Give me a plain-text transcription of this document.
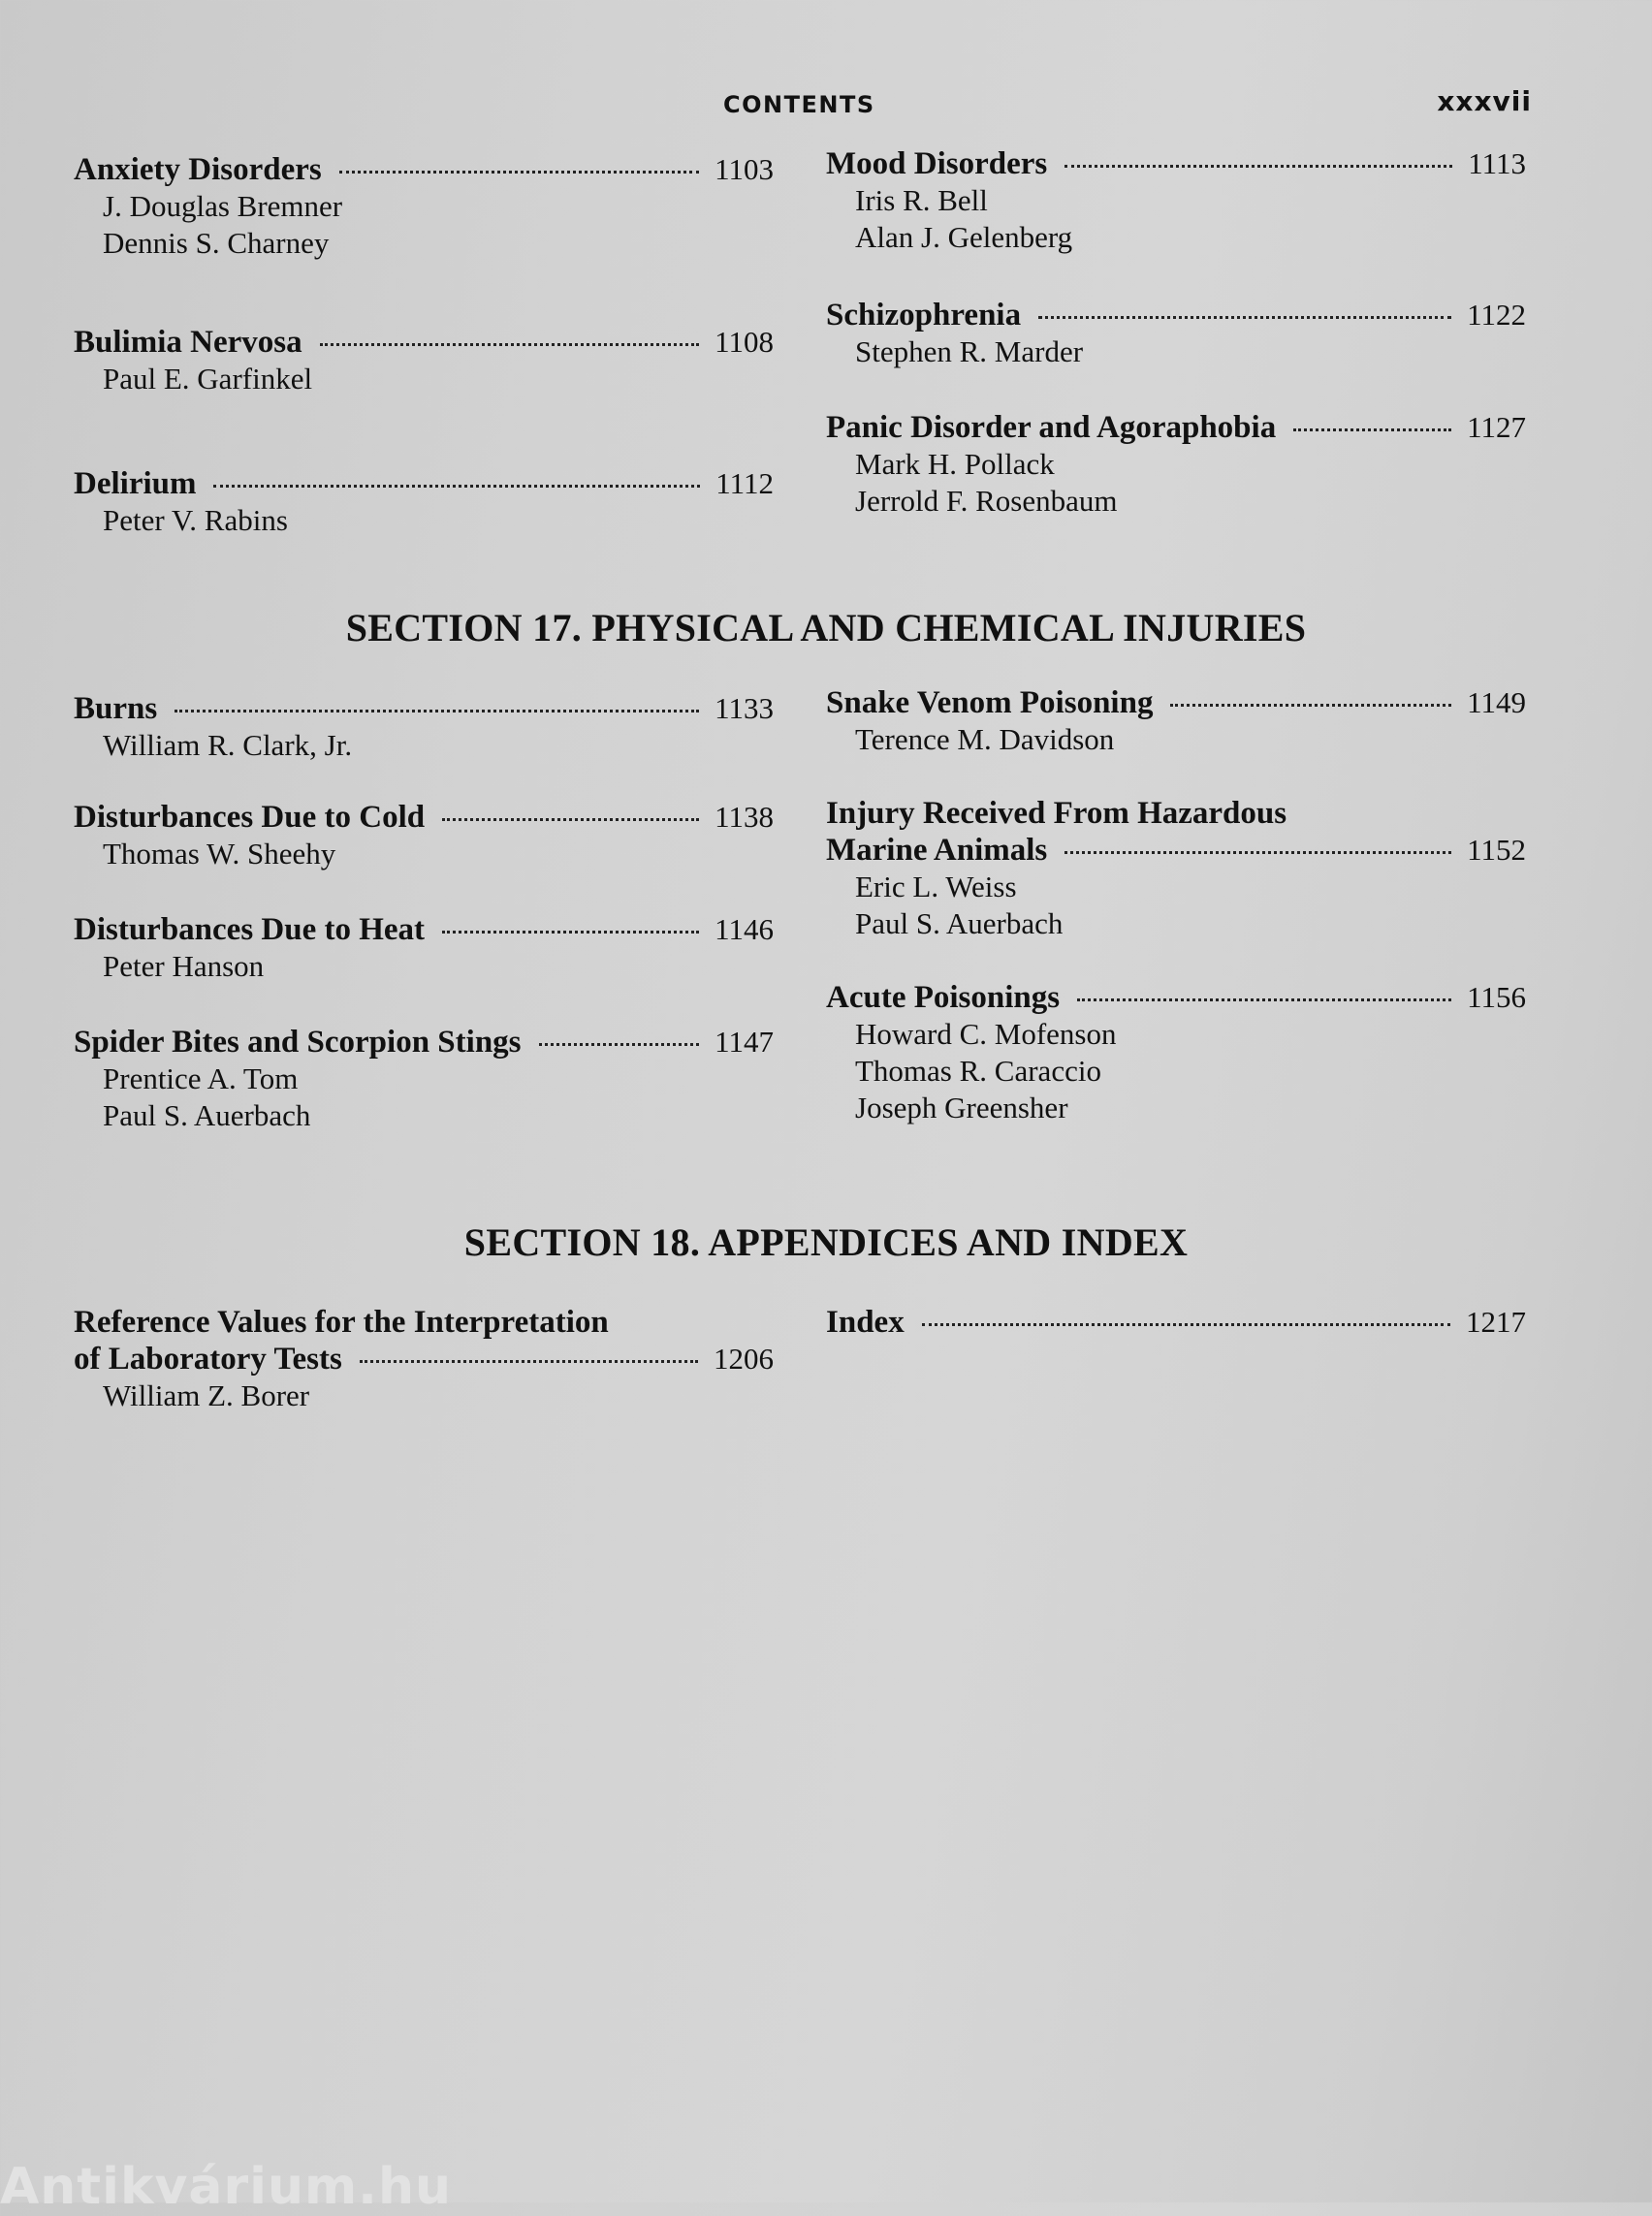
CONTENTS	xxxvii
Anxiety Disorders	1103
J. Douglas Bremner
Dennis S. Charney
Bulimia Nervosa	1108
Paul E. Garfinkel
Delirium	1112
Peter V. Rabins
Mood Disorders	1113
Iris R. Bell
Alan J. Gelenberg
Schizophrenia	1122
Stephen R. Marder
Panic Disorder and Agoraphobia	1127
Mark H. Pollack
Jerrold F. Rosenbaum
SECTION 17. PHYSICAL AND CHEMICAL INJURIES
Burns	1133
William R. Clark, Jr.
Disturbances Due to Cold	1138
Thomas W. Sheehy
Disturbances Due to Heat	1146
Peter Hanson
Spider Bites and Scorpion Stings	1147
Prentice A. Tom
Paul S. Auerbach
Snake Venom Poisoning	1149
Terence M. Davidson
Injury Received From Hazardous
Marine Animals	1152
Eric L. Weiss
Paul S. Auerbach
Acute Poisonings	1156
Howard C. Mofenson
Thomas R. Caraccio
Joseph Greensher
SECTION 18. APPENDICES AND INDEX
Reference Values for the Interpretation
of Laboratory Tests	1206
William Z. Borer
Index	1217
Antikvárium.hu
